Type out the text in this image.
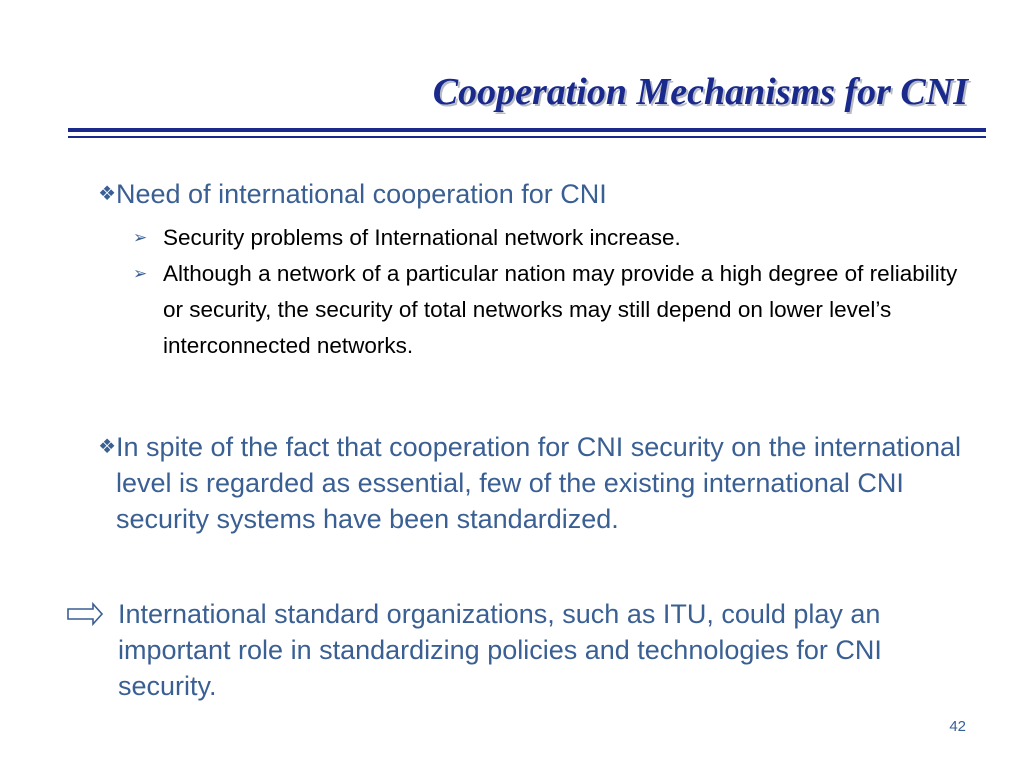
Cooperation Mechanisms for CNI
❖ Need of international cooperation for CNI
➢ Security problems of International network increase.
➢ Although a network of a particular nation may provide a high degree of reliability or security, the security of total networks may still depend on lower level’s interconnected networks.
❖ In spite of the fact that cooperation for CNI security on the international level is regarded as essential, few of the existing international CNI security systems have been standardized.
International standard organizations, such as ITU, could play an important role in standardizing policies and technologies for CNI security.
42
